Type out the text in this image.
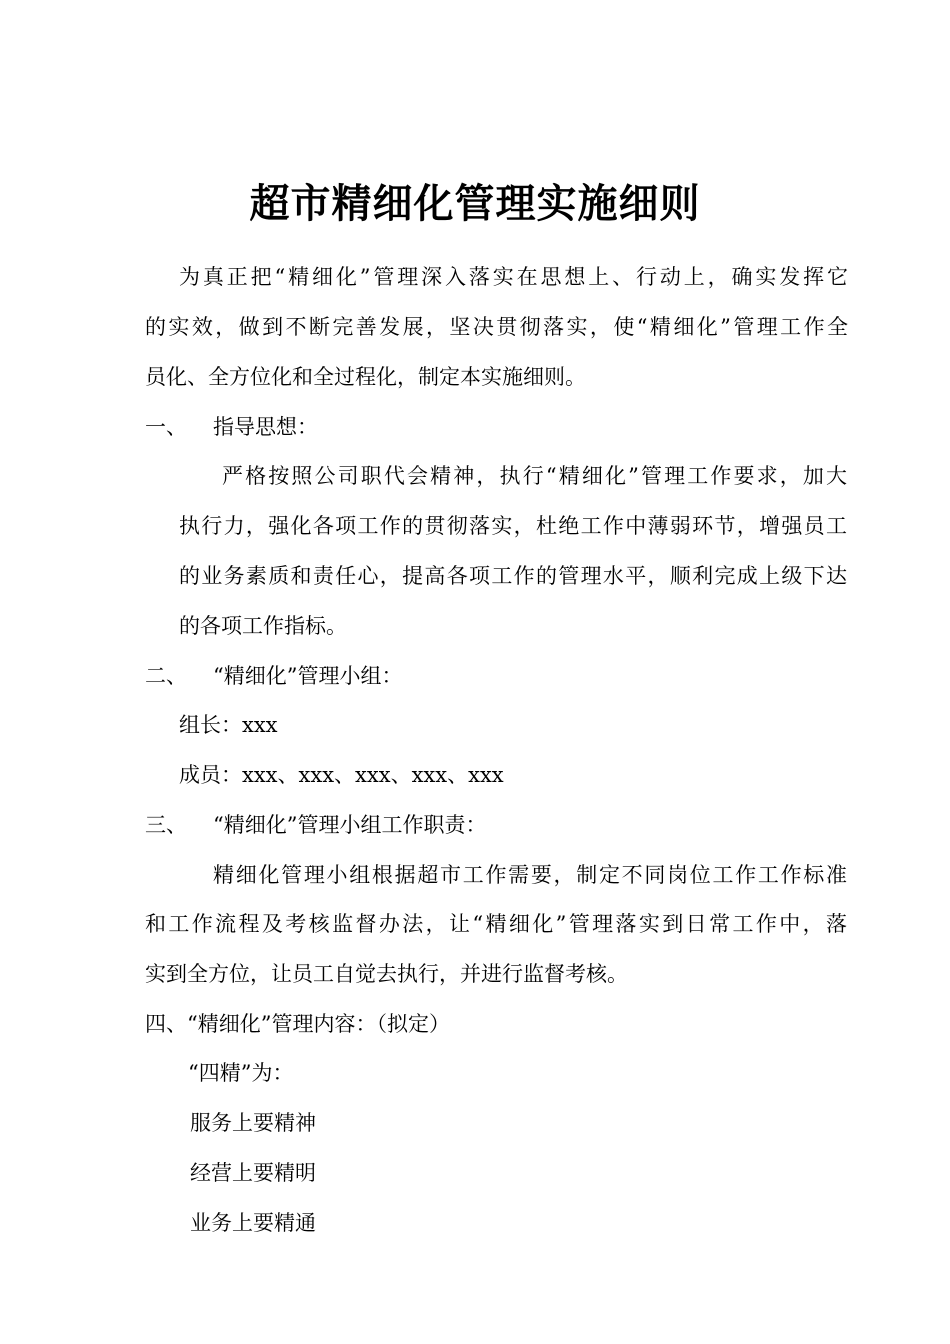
超市精细化管理实施细则
为真正把“精细化”管理深入落实在思想上、行动上，确实发挥它
的实效，做到不断完善发展，坚决贯彻落实，使“精细化”管理工作全
员化、全方位化和全过程化，制定本实施细则。
一、 指导思想：
严格按照公司职代会精神，执行“精细化”管理工作要求，加大
执行力，强化各项工作的贯彻落实，杜绝工作中薄弱环节，增强员工
的业务素质和责任心，提高各项工作的管理水平，顺利完成上级下达
的各项工作指标。
二、 “精细化”管理小组：
组长：xxx
成员：xxx、xxx、xxx、xxx、xxx
三、 “精细化”管理小组工作职责：
精细化管理小组根据超市工作需要，制定不同岗位工作工作标准
和工作流程及考核监督办法，让“精细化”管理落实到日常工作中，落
实到全方位，让员工自觉去执行，并进行监督考核。
四、“精细化”管理内容：（拟定）
“四精”为：
服务上要精神
经营上要精明
业务上要精通
